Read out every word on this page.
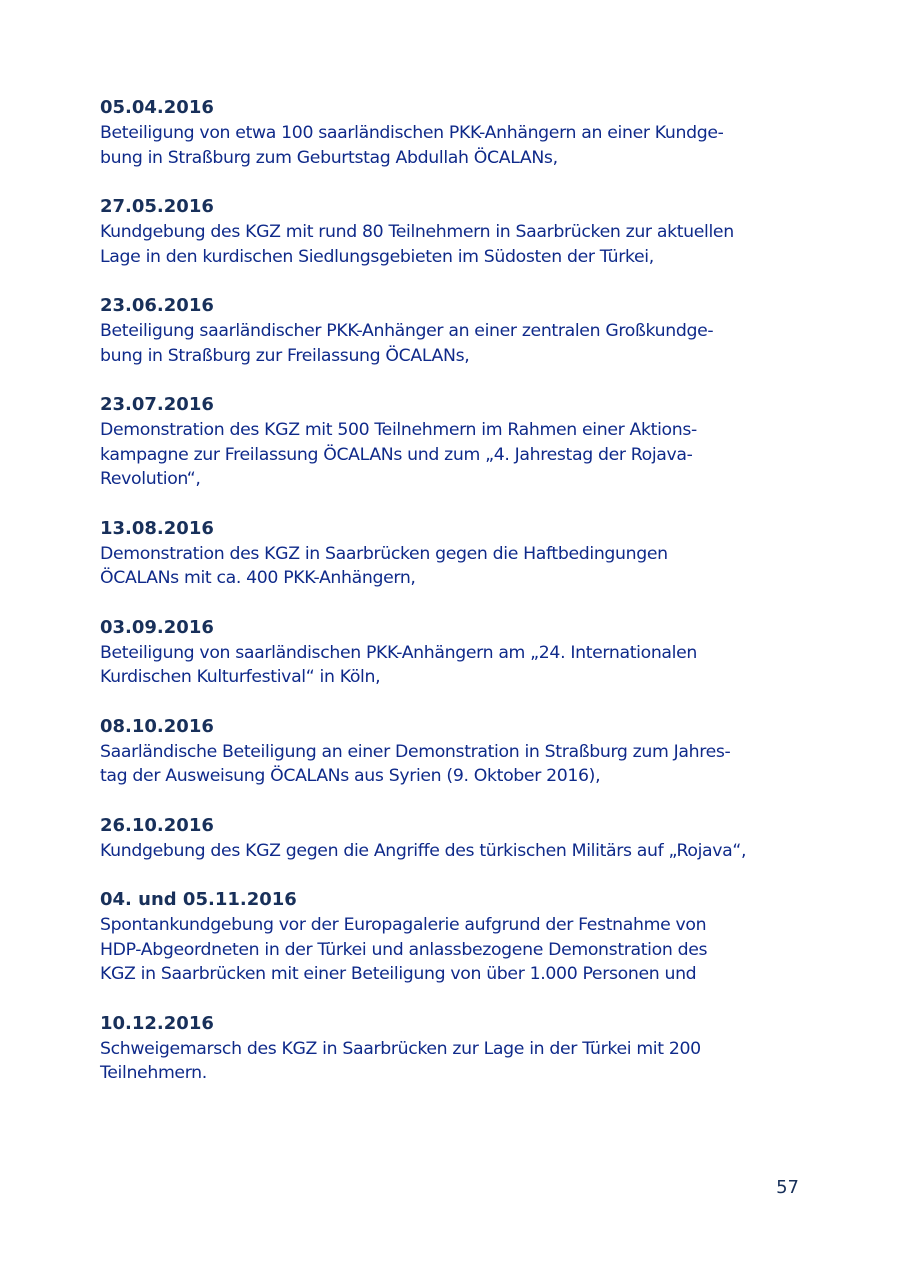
05.04.2016
Beteiligung von etwa 100 saarländischen PKK-Anhängern an einer Kundge-
bung in Straßburg zum Geburtstag Abdullah ÖCALANs,
27.05.2016
Kundgebung des KGZ mit rund 80 Teilnehmern in Saarbrücken zur aktuellen
Lage in den kurdischen Siedlungsgebieten im Südosten der Türkei,
23.06.2016
Beteiligung saarländischer PKK-Anhänger an einer zentralen Großkundge-
bung in Straßburg zur Freilassung ÖCALANs,
23.07.2016
Demonstration des KGZ mit 500 Teilnehmern im Rahmen einer Aktions-
kampagne zur Freilassung ÖCALANs und zum „4. Jahrestag der Rojava-
Revolution“,
13.08.2016
Demonstration des KGZ in Saarbrücken gegen die Haftbedingungen
ÖCALANs mit ca. 400 PKK-Anhängern,
03.09.2016
Beteiligung von saarländischen PKK-Anhängern am „24. Internationalen
Kurdischen Kulturfestival“ in Köln,
08.10.2016
Saarländische Beteiligung an einer Demonstration in Straßburg zum Jahres-
tag der Ausweisung ÖCALANs aus Syrien (9. Oktober 2016),
26.10.2016
Kundgebung des KGZ gegen die Angriffe des türkischen Militärs auf „Rojava“,
04. und 05.11.2016
Spontankundgebung vor der Europagalerie aufgrund der Festnahme von
HDP-Abgeordneten in der Türkei und anlassbezogene Demonstration des
KGZ in Saarbrücken mit einer Beteiligung von über 1.000 Personen und
10.12.2016
Schweigemarsch des KGZ in Saarbrücken zur Lage in der Türkei mit 200
Teilnehmern.
57
